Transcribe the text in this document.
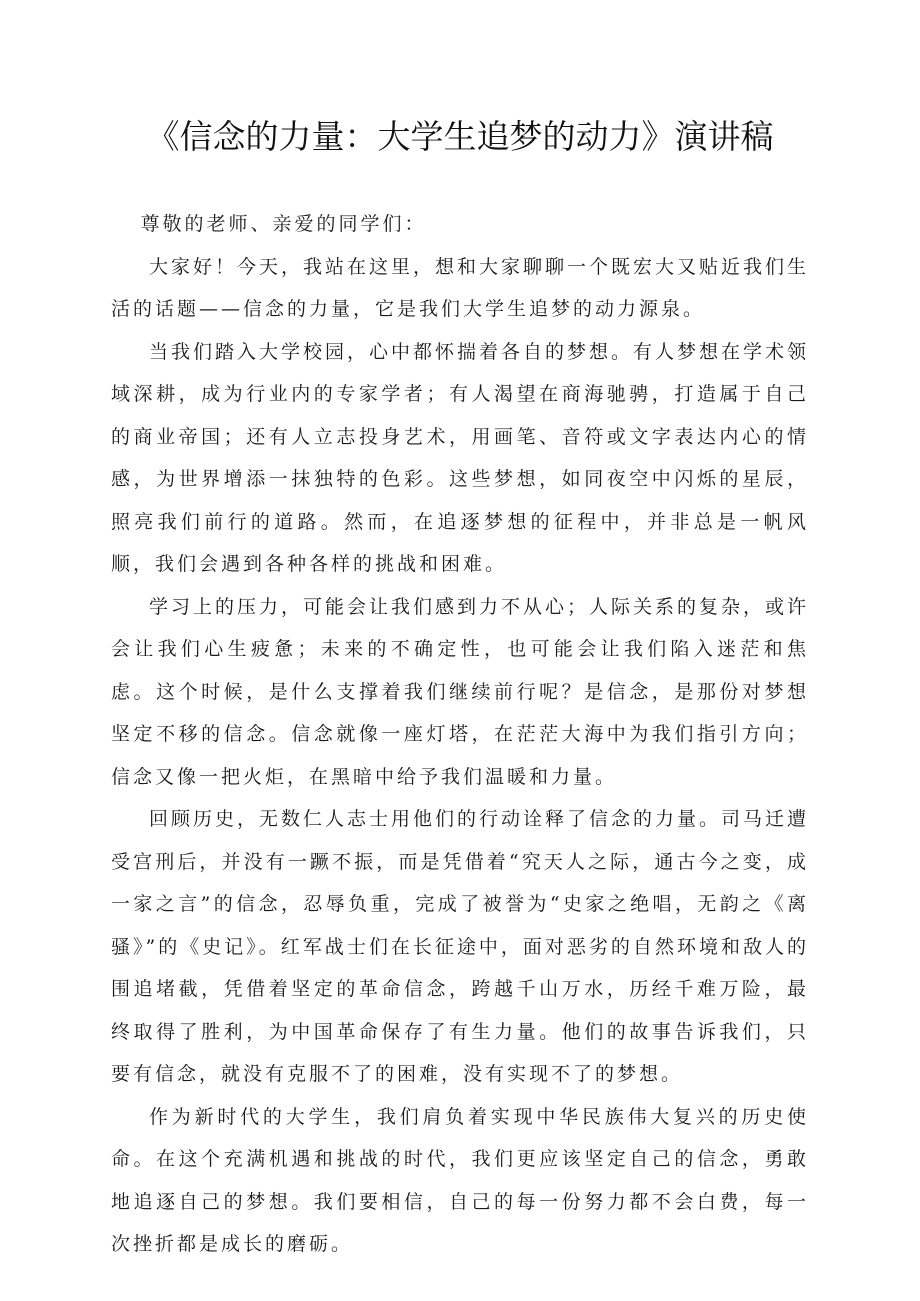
《信念的力量：大学生追梦的动力》演讲稿

尊敬的老师、亲爱的同学们：

大家好！今天，我站在这里，想和大家聊聊一个既宏大又贴近我们生活的话题——信念的力量，它是我们大学生追梦的动力源泉。

当我们踏入大学校园，心中都怀揣着各自的梦想。有人梦想在学术领域深耕，成为行业内的专家学者；有人渴望在商海驰骋，打造属于自己的商业帝国；还有人立志投身艺术，用画笔、音符或文字表达内心的情感，为世界增添一抹独特的色彩。这些梦想，如同夜空中闪烁的星辰，照亮我们前行的道路。然而，在追逐梦想的征程中，并非总是一帆风顺，我们会遇到各种各样的挑战和困难。

学习上的压力，可能会让我们感到力不从心；人际关系的复杂，或许会让我们心生疲惫；未来的不确定性，也可能会让我们陷入迷茫和焦虑。这个时候，是什么支撑着我们继续前行呢？是信念，是那份对梦想坚定不移的信念。信念就像一座灯塔，在茫茫大海中为我们指引方向；信念又像一把火炬，在黑暗中给予我们温暖和力量。

回顾历史，无数仁人志士用他们的行动诠释了信念的力量。司马迁遭受宫刑后，并没有一蹶不振，而是凭借着“究天人之际，通古今之变，成一家之言”的信念，忍辱负重，完成了被誉为“史家之绝唱，无韵之《离骚》”的《史记》。红军战士们在长征途中，面对恶劣的自然环境和敌人的围追堵截，凭借着坚定的革命信念，跨越千山万水，历经千难万险，最终取得了胜利，为中国革命保存了有生力量。他们的故事告诉我们，只要有信念，就没有克服不了的困难，没有实现不了的梦想。

作为新时代的大学生，我们肩负着实现中华民族伟大复兴的历史使命。在这个充满机遇和挑战的时代，我们更应该坚定自己的信念，勇敢地追逐自己的梦想。我们要相信，自己的每一份努力都不会白费，每一次挫折都是成长的磨砺。
